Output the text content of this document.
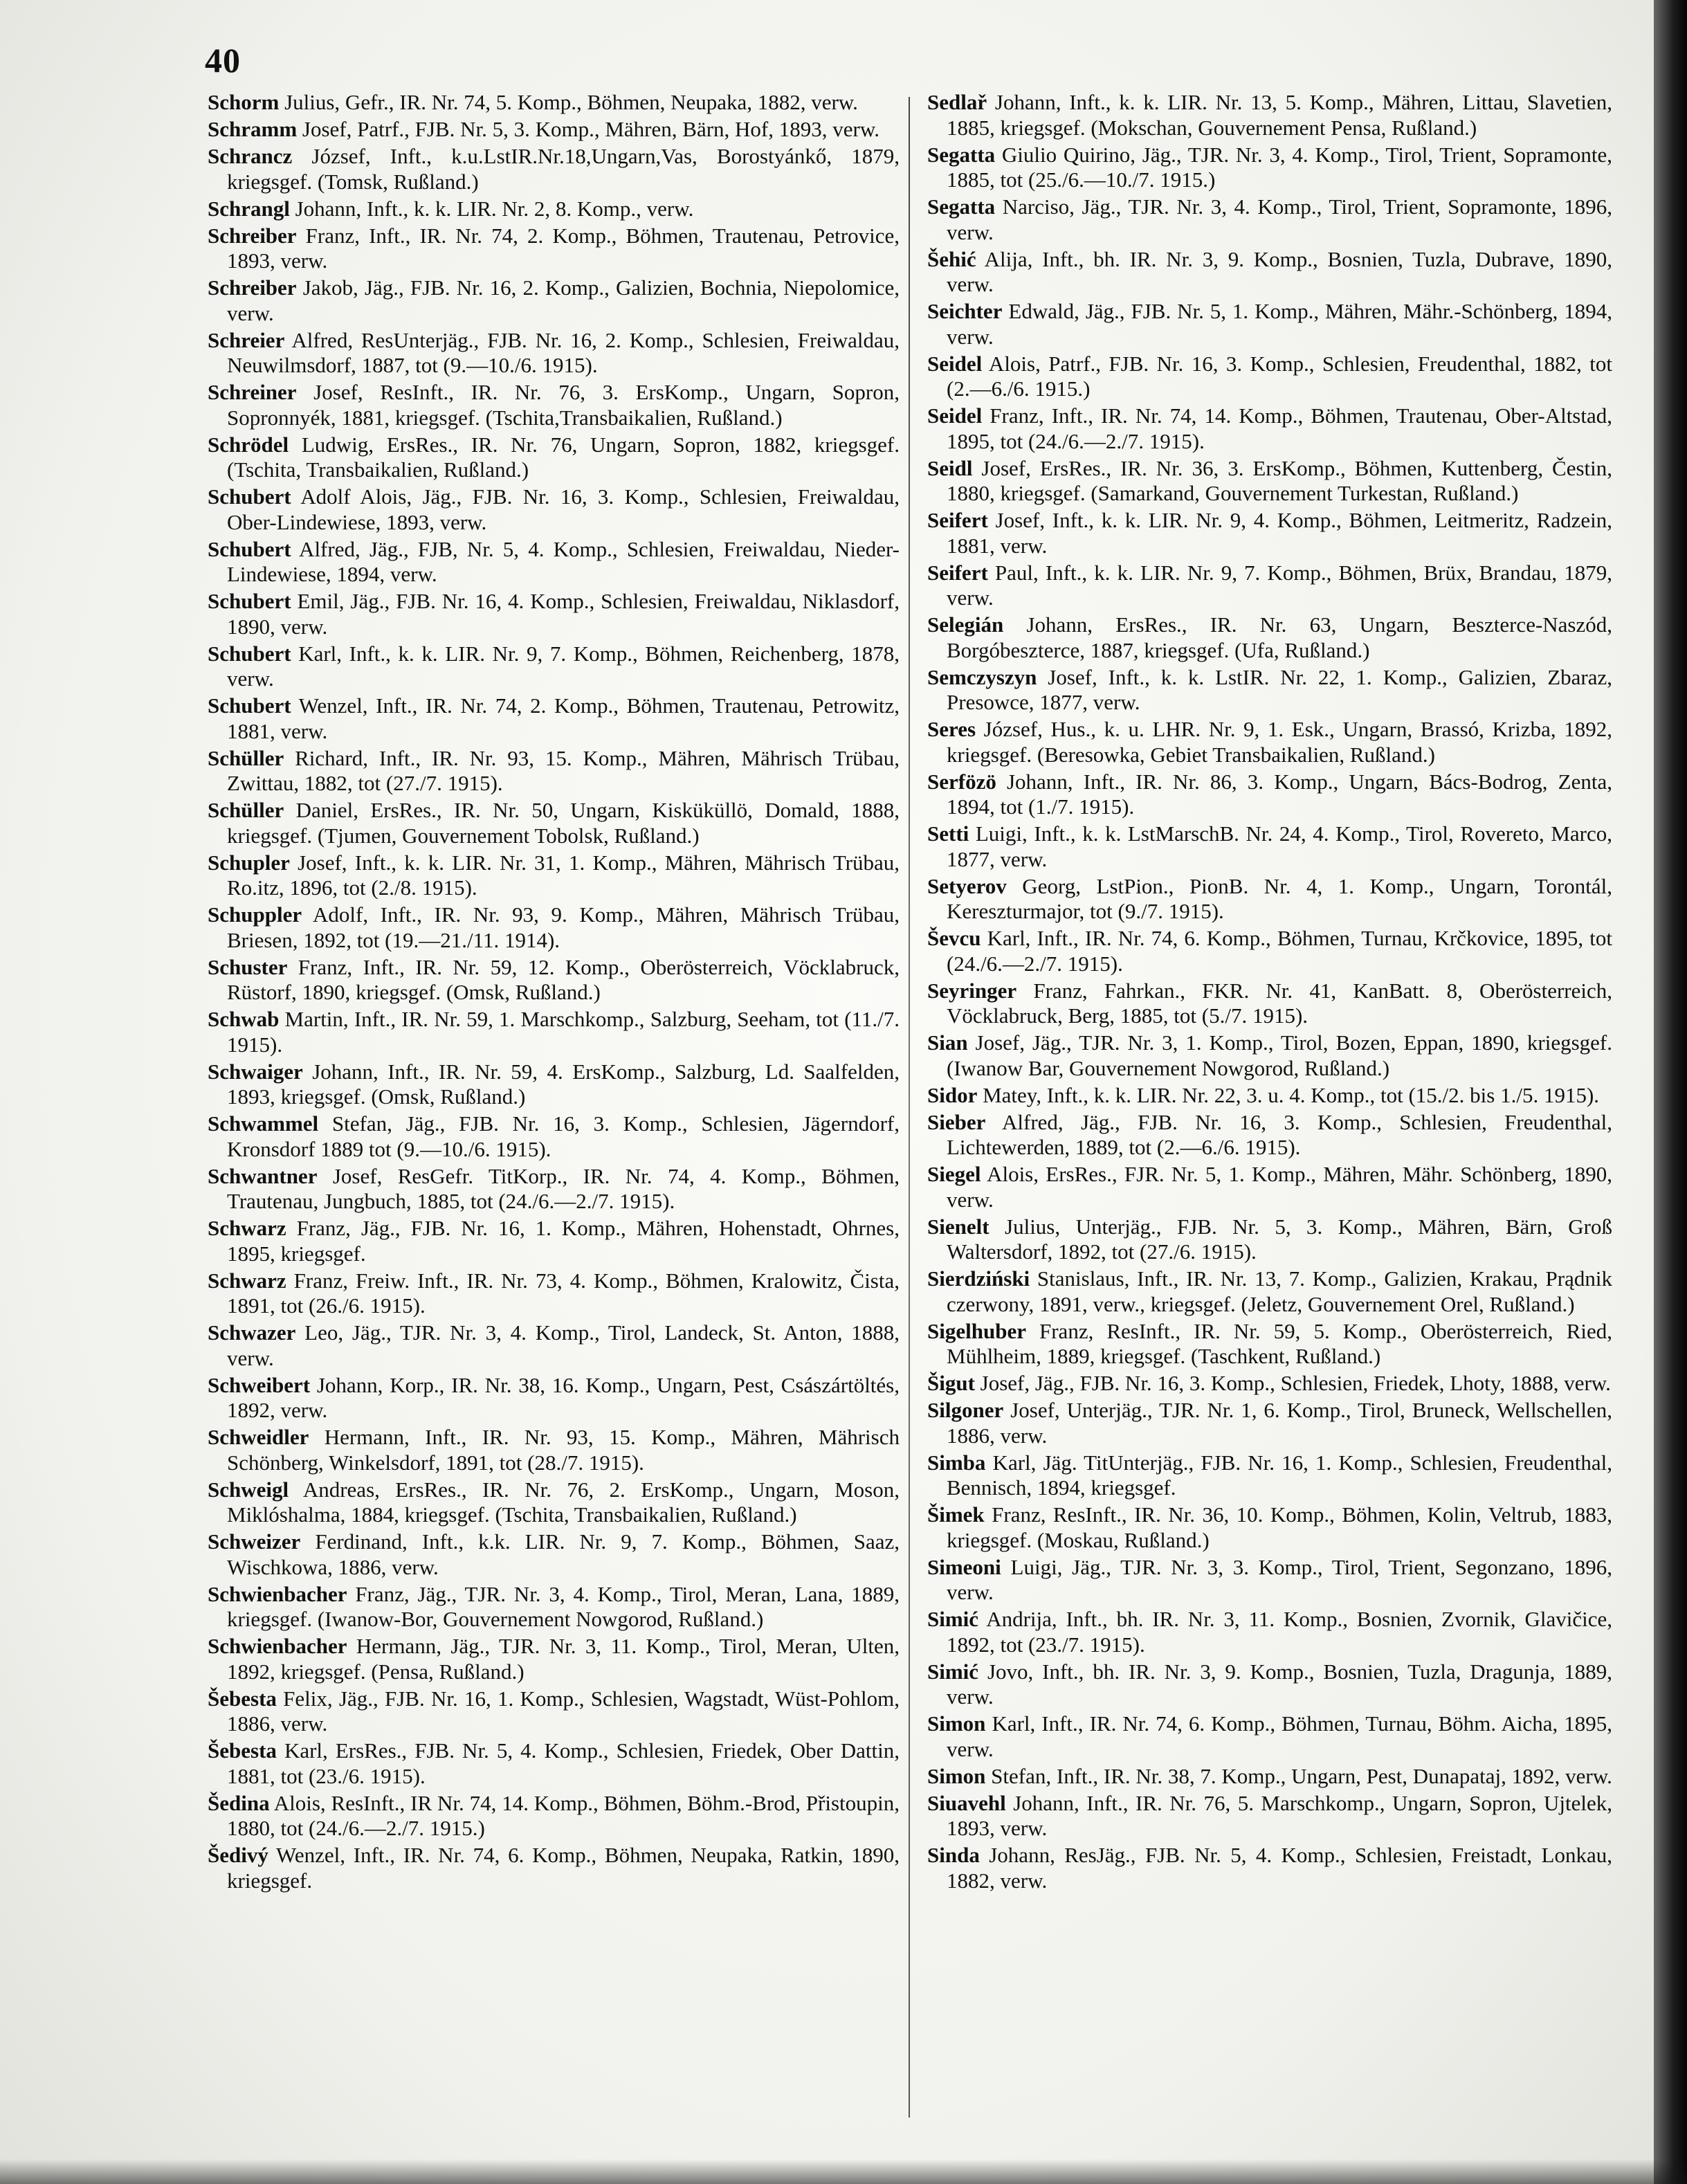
40

Schorm Julius, Gefr., IR. Nr. 74, 5. Komp., Böhmen, Neupaka, 1882, verw.

Schramm Josef, Patrf., FJB. Nr. 5, 3. Komp., Mähren, Bärn, Hof, 1893, verw.

Schrancz József, Inft., k.u.LstIR.Nr.18,Ungarn,Vas, Borostyánkő, 1879, kriegsgef. (Tomsk, Rußland.)

Schrangl Johann, Inft., k. k. LIR. Nr. 2, 8. Komp., verw.

Schreiber Franz, Inft., IR. Nr. 74, 2. Komp., Böhmen, Trautenau, Petrovice, 1893, verw.

Schreiber Jakob, Jäg., FJB. Nr. 16, 2. Komp., Galizien, Bochnia, Niepolomice, verw.

Schreier Alfred, ResUnterjäg., FJB. Nr. 16, 2. Komp., Schlesien, Freiwaldau, Neuwilmsdorf, 1887, tot (9.—10./6. 1915).

Schreiner Josef, ResInft., IR. Nr. 76, 3. ErsKomp., Ungarn, Sopron, Sopronnyék, 1881, kriegsgef. (Tschita,Transbaikalien, Rußland.)

Schrödel Ludwig, ErsRes., IR. Nr. 76, Ungarn, Sopron, 1882, kriegsgef. (Tschita, Transbaikalien, Rußland.)

Schubert Adolf Alois, Jäg., FJB. Nr. 16, 3. Komp., Schlesien, Freiwaldau, Ober-Lindewiese, 1893, verw.

Schubert Alfred, Jäg., FJB, Nr. 5, 4. Komp., Schlesien, Freiwaldau, Nieder-Lindewiese, 1894, verw.

Schubert Emil, Jäg., FJB. Nr. 16, 4. Komp., Schlesien, Freiwaldau, Niklasdorf, 1890, verw.

Schubert Karl, Inft., k. k. LIR. Nr. 9, 7. Komp., Böhmen, Reichenberg, 1878, verw.

Schubert Wenzel, Inft., IR. Nr. 74, 2. Komp., Böhmen, Trautenau, Petrowitz, 1881, verw.

Schüller Richard, Inft., IR. Nr. 93, 15. Komp., Mähren, Mährisch Trübau, Zwittau, 1882, tot (27./7. 1915).

Schüller Daniel, ErsRes., IR. Nr. 50, Ungarn, Kisküküllö, Domald, 1888, kriegsgef. (Tjumen, Gouvernement Tobolsk, Rußland.)

Schupler Josef, Inft., k. k. LIR. Nr. 31, 1. Komp., Mähren, Mährisch Trübau, Ro.itz, 1896, tot (2./8. 1915).

Schuppler Adolf, Inft., IR. Nr. 93, 9. Komp., Mähren, Mährisch Trübau, Briesen, 1892, tot (19.—21./11. 1914).

Schuster Franz, Inft., IR. Nr. 59, 12. Komp., Oberösterreich, Vöcklabruck, Rüstorf, 1890, kriegsgef. (Omsk, Rußland.)

Schwab Martin, Inft., IR. Nr. 59, 1. Marschkomp., Salzburg, Seeham, tot (11./7. 1915).

Schwaiger Johann, Inft., IR. Nr. 59, 4. ErsKomp., Salzburg, Ld. Saalfelden, 1893, kriegsgef. (Omsk, Rußland.)

Schwammel Stefan, Jäg., FJB. Nr. 16, 3. Komp., Schlesien, Jägerndorf, Kronsdorf 1889 tot (9.—10./6. 1915).

Schwantner Josef, ResGefr. TitKorp., IR. Nr. 74, 4. Komp., Böhmen, Trautenau, Jungbuch, 1885, tot (24./6.—2./7. 1915).

Schwarz Franz, Jäg., FJB. Nr. 16, 1. Komp., Mähren, Hohenstadt, Ohrnes, 1895, kriegsgef.

Schwarz Franz, Freiw. Inft., IR. Nr. 73, 4. Komp., Böhmen, Kralowitz, Čista, 1891, tot (26./6. 1915).

Schwazer Leo, Jäg., TJR. Nr. 3, 4. Komp., Tirol, Landeck, St. Anton, 1888, verw.

Schweibert Johann, Korp., IR. Nr. 38, 16. Komp., Ungarn, Pest, Császártöltés, 1892, verw.

Schweidler Hermann, Inft., IR. Nr. 93, 15. Komp., Mähren, Mährisch Schönberg, Winkelsdorf, 1891, tot (28./7. 1915).

Schweigl Andreas, ErsRes., IR. Nr. 76, 2. ErsKomp., Ungarn, Moson, Miklóshalma, 1884, kriegsgef. (Tschita, Transbaikalien, Rußland.)

Schweizer Ferdinand, Inft., k.k. LIR. Nr. 9, 7. Komp., Böhmen, Saaz, Wischkowa, 1886, verw.

Schwienbacher Franz, Jäg., TJR. Nr. 3, 4. Komp., Tirol, Meran, Lana, 1889, kriegsgef. (Iwanow-Bor, Gouvernement Nowgorod, Rußland.)

Schwienbacher Hermann, Jäg., TJR. Nr. 3, 11. Komp., Tirol, Meran, Ulten, 1892, kriegsgef. (Pensa, Rußland.)

Šebesta Felix, Jäg., FJB. Nr. 16, 1. Komp., Schlesien, Wagstadt, Wüst-Pohlom, 1886, verw.

Šebesta Karl, ErsRes., FJB. Nr. 5, 4. Komp., Schlesien, Friedek, Ober Dattin, 1881, tot (23./6. 1915).

Šedina Alois, ResInft., IR Nr. 74, 14. Komp., Böhmen, Böhm.-Brod, Přistoupin, 1880, tot (24./6.—2./7. 1915.)

Šedivý Wenzel, Inft., IR. Nr. 74, 6. Komp., Böhmen, Neupaka, Ratkin, 1890, kriegsgef.

Sedlař Johann, Inft., k. k. LIR. Nr. 13, 5. Komp., Mähren, Littau, Slavetien, 1885, kriegsgef. (Mokschan, Gouvernement Pensa, Rußland.)

Segatta Giulio Quirino, Jäg., TJR. Nr. 3, 4. Komp., Tirol, Trient, Sopramonte, 1885, tot (25./6.—10./7. 1915.)

Segatta Narciso, Jäg., TJR. Nr. 3, 4. Komp., Tirol, Trient, Sopramonte, 1896, verw.

Šehić Alija, Inft., bh. IR. Nr. 3, 9. Komp., Bosnien, Tuzla, Dubrave, 1890, verw.

Seichter Edwald, Jäg., FJB. Nr. 5, 1. Komp., Mähren, Mähr.-Schönberg, 1894, verw.

Seidel Alois, Patrf., FJB. Nr. 16, 3. Komp., Schlesien, Freudenthal, 1882, tot (2.—6./6. 1915.)

Seidel Franz, Inft., IR. Nr. 74, 14. Komp., Böhmen, Trautenau, Ober-Altstad, 1895, tot (24./6.—2./7. 1915).

Seidl Josef, ErsRes., IR. Nr. 36, 3. ErsKomp., Böhmen, Kuttenberg, Čestin, 1880, kriegsgef. (Samarkand, Gouvernement Turkestan, Rußland.)

Seifert Josef, Inft., k. k. LIR. Nr. 9, 4. Komp., Böhmen, Leitmeritz, Radzein, 1881, verw.

Seifert Paul, Inft., k. k. LIR. Nr. 9, 7. Komp., Böhmen, Brüx, Brandau, 1879, verw.

Selegián Johann, ErsRes., IR. Nr. 63, Ungarn, Beszterce-Naszód, Borgóbeszterce, 1887, kriegsgef. (Ufa, Rußland.)

Semczyszyn Josef, Inft., k. k. LstIR. Nr. 22, 1. Komp., Galizien, Zbaraz, Presowce, 1877, verw.

Seres József, Hus., k. u. LHR. Nr. 9, 1. Esk., Ungarn, Brassó, Krizba, 1892, kriegsgef. (Beresowka, Gebiet Transbaikalien, Rußland.)

Serfözö Johann, Inft., IR. Nr. 86, 3. Komp., Ungarn, Bács-Bodrog, Zenta, 1894, tot (1./7. 1915).

Setti Luigi, Inft., k. k. LstMarschB. Nr. 24, 4. Komp., Tirol, Rovereto, Marco, 1877, verw.

Setyerov Georg, LstPion., PionB. Nr. 4, 1. Komp., Ungarn, Torontál, Kereszturmajor, tot (9./7. 1915).

Ševcu Karl, Inft., IR. Nr. 74, 6. Komp., Böhmen, Turnau, Krčkovice, 1895, tot (24./6.—2./7. 1915).

Seyringer Franz, Fahrkan., FKR. Nr. 41, KanBatt. 8, Oberösterreich, Vöcklabruck, Berg, 1885, tot (5./7. 1915).

Sian Josef, Jäg., TJR. Nr. 3, 1. Komp., Tirol, Bozen, Eppan, 1890, kriegsgef. (Iwanow Bar, Gouvernement Nowgorod, Rußland.)

Sidor Matey, Inft., k. k. LIR. Nr. 22, 3. u. 4. Komp., tot (15./2. bis 1./5. 1915).

Sieber Alfred, Jäg., FJB. Nr. 16, 3. Komp., Schlesien, Freudenthal, Lichtewerden, 1889, tot (2.—6./6. 1915).

Siegel Alois, ErsRes., FJR. Nr. 5, 1. Komp., Mähren, Mähr. Schönberg, 1890, verw.

Sienelt Julius, Unterjäg., FJB. Nr. 5, 3. Komp., Mähren, Bärn, Groß Waltersdorf, 1892, tot (27./6. 1915).

Sierdziński Stanislaus, Inft., IR. Nr. 13, 7. Komp., Galizien, Krakau, Prądnik czerwony, 1891, verw., kriegsgef. (Jeletz, Gouvernement Orel, Rußland.)

Sigelhuber Franz, ResInft., IR. Nr. 59, 5. Komp., Oberösterreich, Ried, Mühlheim, 1889, kriegsgef. (Taschkent, Rußland.)

Šigut Josef, Jäg., FJB. Nr. 16, 3. Komp., Schlesien, Friedek, Lhoty, 1888, verw.

Silgoner Josef, Unterjäg., TJR. Nr. 1, 6. Komp., Tirol, Bruneck, Wellschellen, 1886, verw.

Simba Karl, Jäg. TitUnterjäg., FJB. Nr. 16, 1. Komp., Schlesien, Freudenthal, Bennisch, 1894, kriegsgef.

Šimek Franz, ResInft., IR. Nr. 36, 10. Komp., Böhmen, Kolin, Veltrub, 1883, kriegsgef. (Moskau, Rußland.)

Simeoni Luigi, Jäg., TJR. Nr. 3, 3. Komp., Tirol, Trient, Segonzano, 1896, verw.

Simić Andrija, Inft., bh. IR. Nr. 3, 11. Komp., Bosnien, Zvornik, Glavičice, 1892, tot (23./7. 1915).

Simić Jovo, Inft., bh. IR. Nr. 3, 9. Komp., Bosnien, Tuzla, Dragunja, 1889, verw.

Simon Karl, Inft., IR. Nr. 74, 6. Komp., Böhmen, Turnau, Böhm. Aicha, 1895, verw.

Simon Stefan, Inft., IR. Nr. 38, 7. Komp., Ungarn, Pest, Dunapataj, 1892, verw.

Siuavehl Johann, Inft., IR. Nr. 76, 5. Marschkomp., Ungarn, Sopron, Ujtelek, 1893, verw.

Sinda Johann, ResJäg., FJB. Nr. 5, 4. Komp., Schlesien, Freistadt, Lonkau, 1882, verw.
